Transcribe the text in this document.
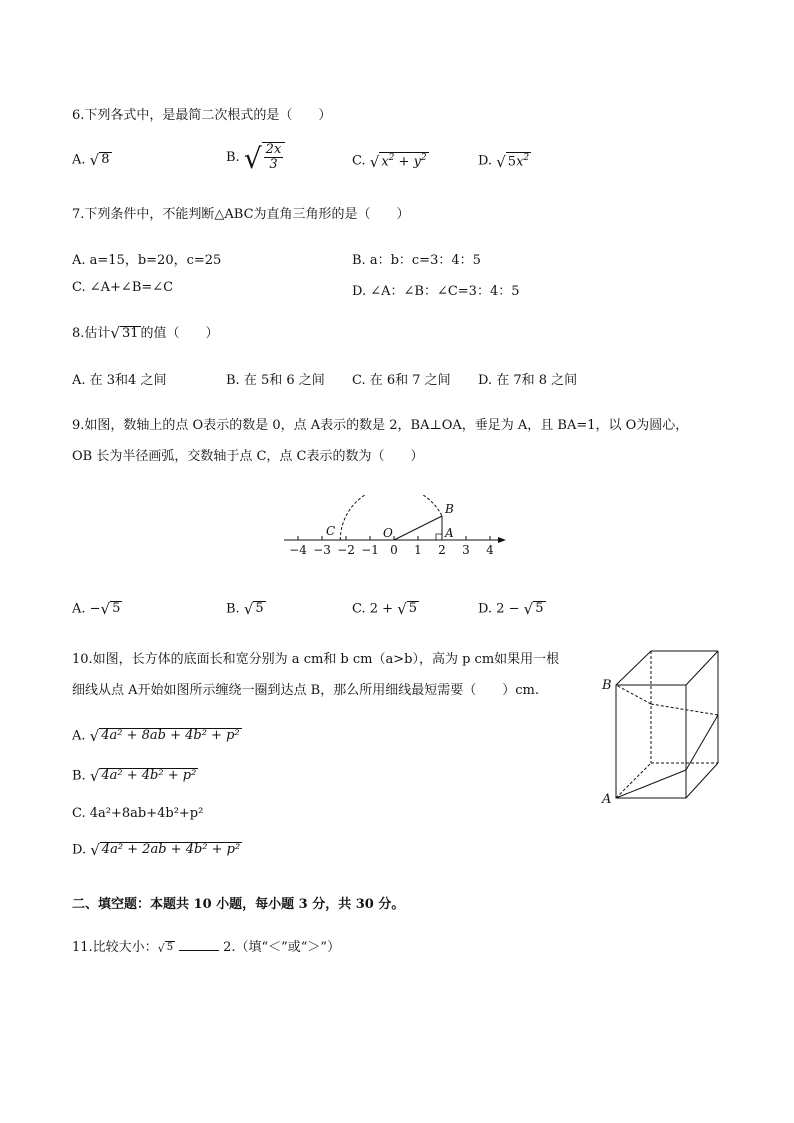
6.下列各式中，是最简二次根式的是（　　）
A. √ 8	B. √ $\frac{2x}{3}$	C. √ $x^2 + y^2$	D. √ $5x^2$
7.下列条件中，不能判断△ABC为直角三角形的是（　　）
A. a=15，b=20，c=25	B. a：b：c=3：4：5
C. ∠A+∠B=∠C	D. ∠A：∠B：∠C=3：4：5
8.估计 √ 31 的值（　　）
A. 在 3和4 之间	B. 在 5和 6 之间 C. 在 6和 7 之间 D. 在 7和 8 之间
9.如图，数轴上的点 O表示的数是 0，点 A表示的数是 2，BA⊥OA，垂足为 A，且 BA=1，以 O为圆心，
OB 长为半径画弧，交数轴于点 C，点 C表示的数为（　　）
−4 −3 −2 −1 0 1 2 3 4
C	O	A
B
A. − √ 5	B. √ 5	C. 2 + √ 5	D. 2 − √ 5
10.如图，长方体的底面长和宽分别为 a cm和 b cm（a>b），高为 p cm如果用一根
细线从点 A开始如图所示缠绕一圈到达点 B，那么所用细线最短需要（　　）cm.	B
A
A. √ 4a² + 8ab + 4b² + p²
B. √ 4a² + 4b² + p²
C. 4a²+8ab+4b²+p²
D. √ 4a² + 2ab + 4b² + p²
二、填空题：本题共 10 小题，每小题 3 分，共 30 分。
11.比较大小： √ 5	2.（填“＜”或“＞”）
